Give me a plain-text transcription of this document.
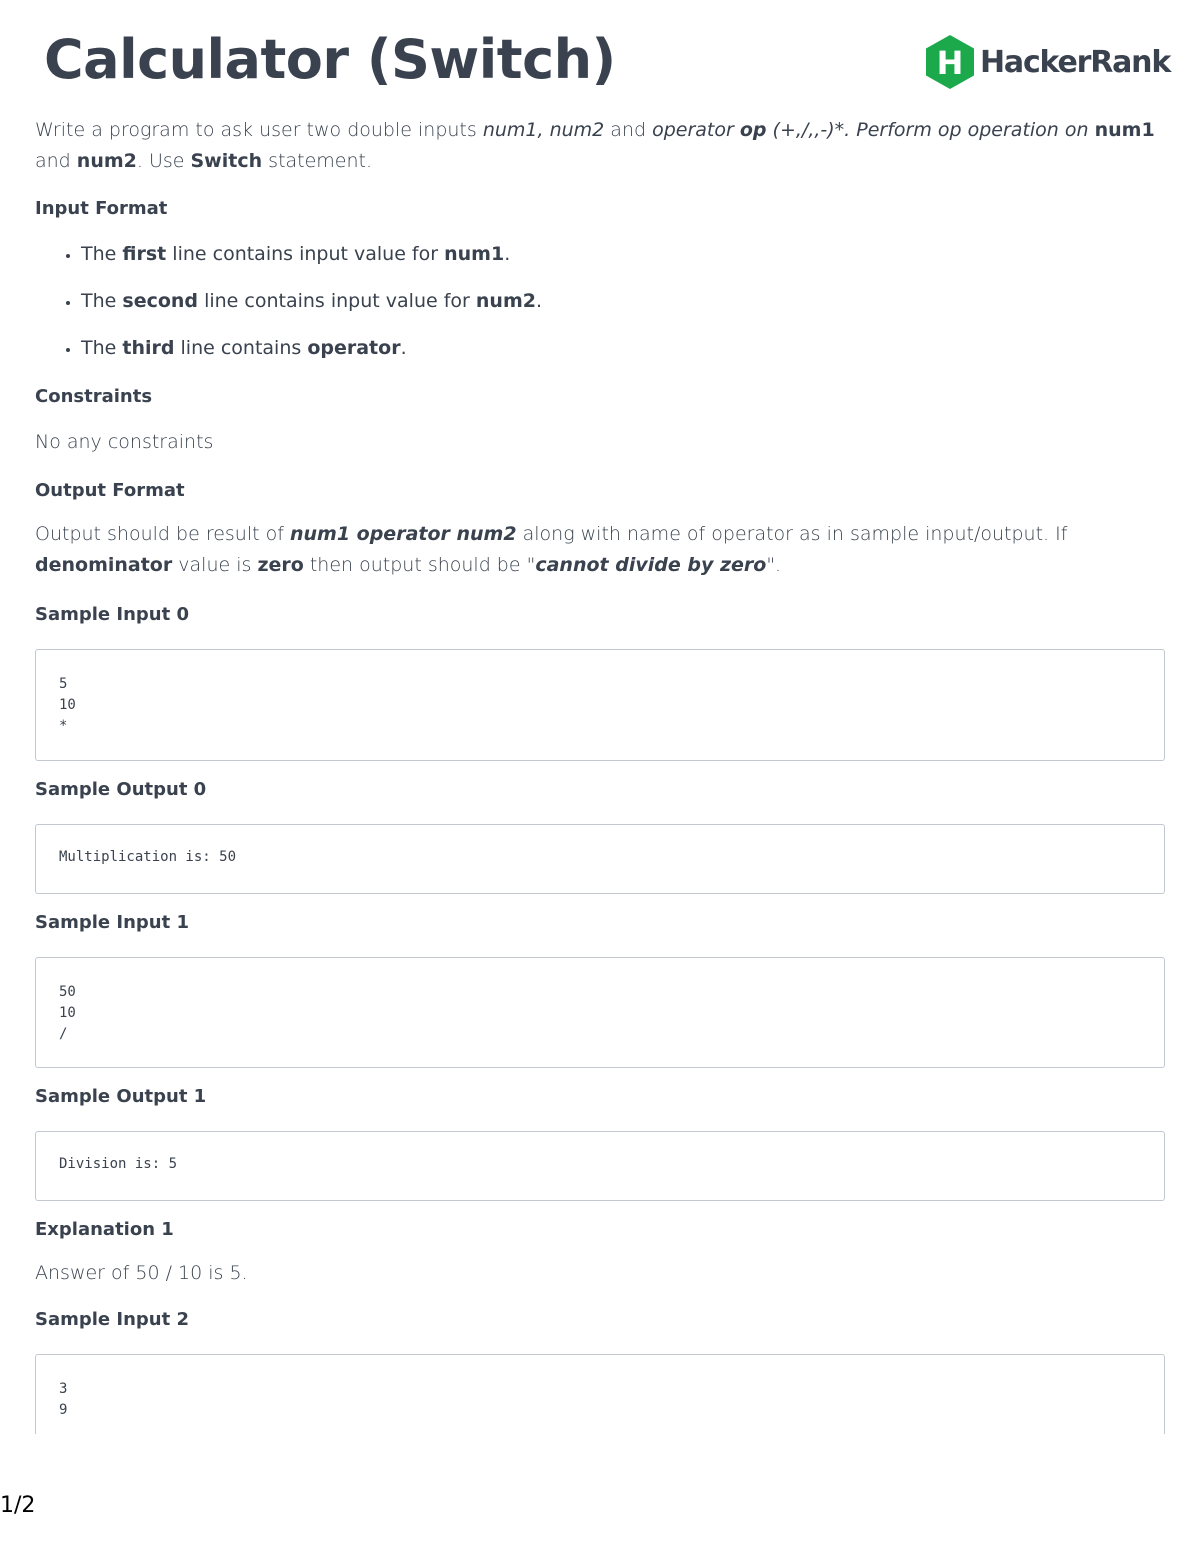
Calculator (Switch)	H HackerRank

Write a program to ask user two double inputs num1, num2 and operator op (+,/,,-)*. Perform op operation on num1 and num2. Use Switch statement.

Input Format
• The first line contains input value for num1.
• The second line contains input value for num2.
• The third line contains operator.
Constraints

No any constraints

Output Format

Output should be result of num1 operator num2 along with name of operator as in sample input/output. If denominator value is zero then output should be "cannot divide by zero".

Sample Input 0
5
10
*
Sample Output 0
Multiplication is: 50
Sample Input 1
50
10
/
Sample Output 1
Division is: 5
Explanation 1

Answer of 50 / 10 is 5.

Sample Input 2
3
9
1/2
